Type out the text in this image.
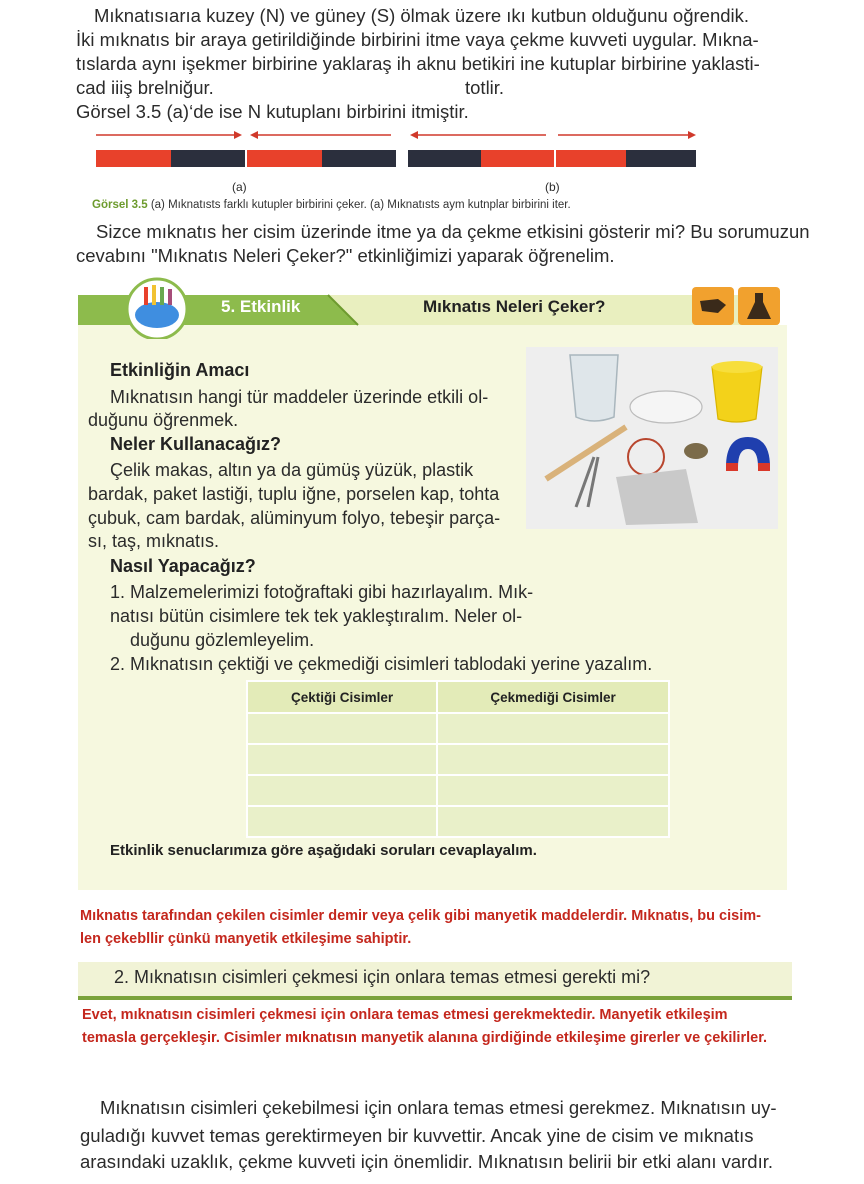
Mıknatısıarıa kuzey (N) ve güney (S) ölmak üzere ıkı kutbun olduğunu oğrendik.
İki mıknatıs bir araya getirildiğinde birbirini itme vaya çekme kuvveti uygular. Mıkna-
tıslarda aynı işekmer birbirine yaklaraş ih aknu betikiri ine kutuplar birbirine yaklasti-
cad iiiş brelniğur.	totlir.
Görsel 3.5 (a)‘de ise N kutuplanı birbirini itmiştir.
(a)	(b)
Görsel 3.5 (a) Mıknatısts farklı kutupler birbirini çeker. (a) Mıknatısts aym kutnplar birbirini iter.
Sizce mıknatıs her cisim üzerinde itme ya da çekme etkisini gösterir mi? Bu sorumuzun
cevabını "Mıknatıs Neleri Çeker?" etkinliğimizi yaparak öğrenelim.
5. Etkinlik	Mıknatıs Neleri Çeker?
Etkinliğin Amacı
Mıknatısın hangi tür maddeler üzerinde etkili ol-
duğunu öğrenmek.
Neler Kullanacağız?
Çelik makas, altın ya da gümüş yüzük, plastik
bardak, paket lastiği, tuplu iğne, porselen kap, tohta
çubuk, cam bardak, alüminyum folyo, tebeşir parça-
sı, taş, mıknatıs.
Nasıl Yapacağız?
1. Malzemelerimizi fotoğraftaki gibi hazırlayalım. Mık-
natısı bütün cisimlere tek tek yakleştıralım. Neler ol-
duğunu gözlemleyelim.
2. Mıknatısın çektiği ve çekmediği cisimleri tablodaki yerine yazalım.
Çektiği Cisimler	Çekmediği Cisimler

Etkinlik senuclarımıza göre aşağıdaki soruları cevaplayalım.
Mıknatıs tarafından çekilen cisimler demir veya çelik gibi manyetik maddelerdir. Mıknatıs, bu cisim-
len çekebllir çünkü manyetik etkileşime sahiptir.
2. Mıknatısın cisimleri çekmesi için onlara temas etmesi gerekti mi?
Evet, mıknatısın cisimleri çekmesi için onlara temas etmesi gerekmektedir. Manyetik etkileşim
temasla gerçekleşir. Cisimler mıknatısın manyetik alanına girdiğinde etkileşime girerler ve çekilirler.
Mıknatısın cisimleri çekebilmesi için onlara temas etmesi gerekmez. Mıknatısın uy-
guladığı kuvvet temas gerektirmeyen bir kuvvettir. Ancak yine de cisim ve mıknatıs
arasındaki uzaklık, çekme kuvveti için önemlidir. Mıknatısın belirii bir etki alanı vardır.
